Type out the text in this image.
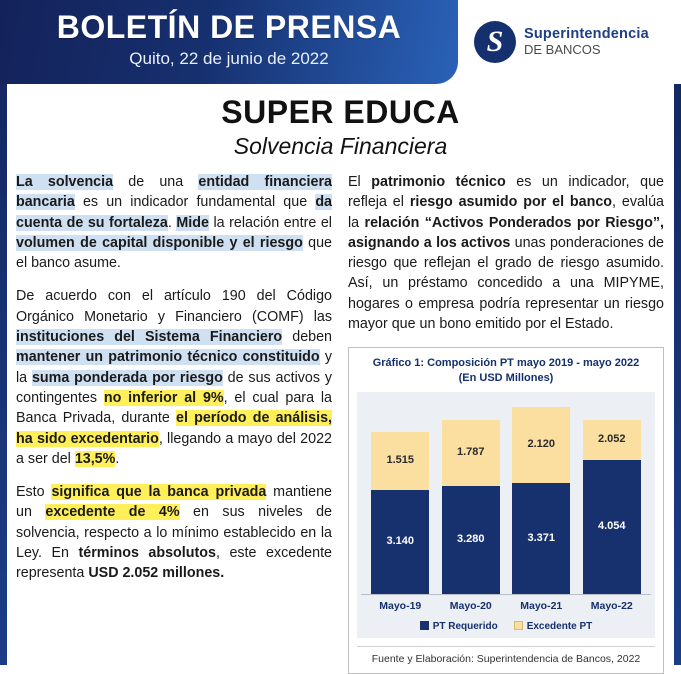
BOLETÍN DE PRENSA
Quito, 22 de junio de 2022
S	Superintendencia
DE BANCOS
SUPER EDUCA
Solvencia Financiera

La solvencia de una entidad financiera bancaria es un indicador fundamental que da cuenta de su fortaleza. Mide la relación entre el volumen de capital disponible y el riesgo que el banco asume.

De acuerdo con el artículo 190 del Código Orgánico Monetario y Financiero (COMF) las instituciones del Sistema Financiero deben mantener un patrimonio técnico constituido y la suma ponderada por riesgo de sus activos y contingentes no inferior al 9%, el cual para la Banca Privada, durante el período de análisis, ha sido excedentario, llegando a mayo del 2022 a ser del 13,5%.

Esto significa que la banca privada mantiene un excedente de 4% en sus niveles de solvencia, respecto a lo mínimo establecido en la Ley. En términos absolutos, este excedente representa USD 2.052 millones.

El patrimonio técnico es un indicador, que refleja el riesgo asumido por el banco, evalúa la relación “Activos Ponderados por Riesgo”, asignando a los activos unas ponderaciones de riesgo que reflejan el grado de riesgo asumido. Así, un préstamo concedido a una MIPYME, hogares o empresa podría representar un riesgo mayor que un bono emitido por el Estado.

Gráfico 1: Composición PT mayo 2019 - mayo 2022
(En USD Millones)
1.515
3.140
1.787
3.280
2.120
3.371
2.052
4.054
Mayo-19	Mayo-20	Mayo-21	Mayo-22
PT Requerido	Excedente PT
Fuente y Elaboración: Superintendencia de Bancos, 2022
